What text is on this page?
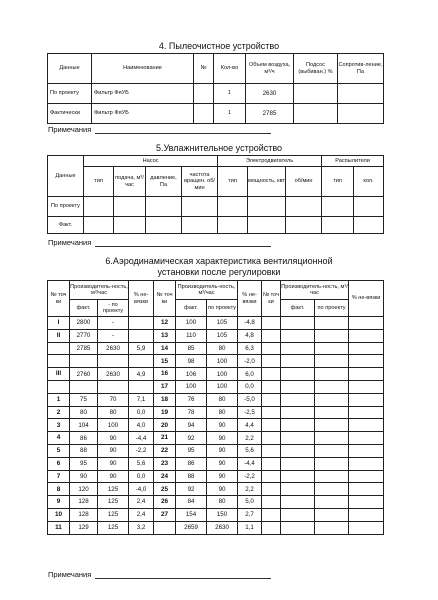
4. Пылеочистное устройство
Данные	Наименование	№	Кол-во	Объем воздуха, м³/ч	Подсос (выбиван.) %	Сопротив-ление, Па
По проекту	Фильтр ФяУБ		1	2630		
Фактически	Фильтр ФяУБ		1	2785		
Примечания
5.Увлажнительное устройство
Данные	Насос				Электродвигатель			Распылители	
	тип	подача, м³/час	давление, Па	частота вращен. об/мин	тип	мощность, квт	об/мин	тип	кол.
По проекту									
Факт.									
Примечания
6.Аэродинамическая характеристика вентиляционной
установки после регулировки
№ точ ки	Производитель-ность, м³/час		% не-вязки	№ точ ки	Производитель-ность, м³/час		% не-вязки	№ точ ки	Производитель-ность, м³/час		% не-вязки
	факт.	- по проекту			факт.	по проекту			факт.	по проекту	
I	2800	-		12	100	105	-4,8				
II	2770	-		13	110	105	4,8				
	2785	2630	5,9	14	85	80	6,3				
				15	98	100	-2,0				
III	2760	2630	4,9	16	106	100	6,0				
				17	100	100	0,0				
1	75	70	7,1	18	76	80	-5,0				
2	80	80	0,0	19	78	80	-2,5				
3	104	100	4,0	20	94	90	4,4				
4	86	90	-4,4	21	92	90	2,2				
5	88	90	-2,2	22	95	90	5,6				
6	95	90	5,6	23	86	90	-4,4				
7	90	90	0,0	24	88	90	-2,2				
8	120	125	-4,0	25	92	90	2,2				
9	128	125	2,4	26	84	80	5,0				
10	128	125	2,4	27	154	150	2,7				
11	129	125	3,2		2659	2630	1,1				
Примечания
